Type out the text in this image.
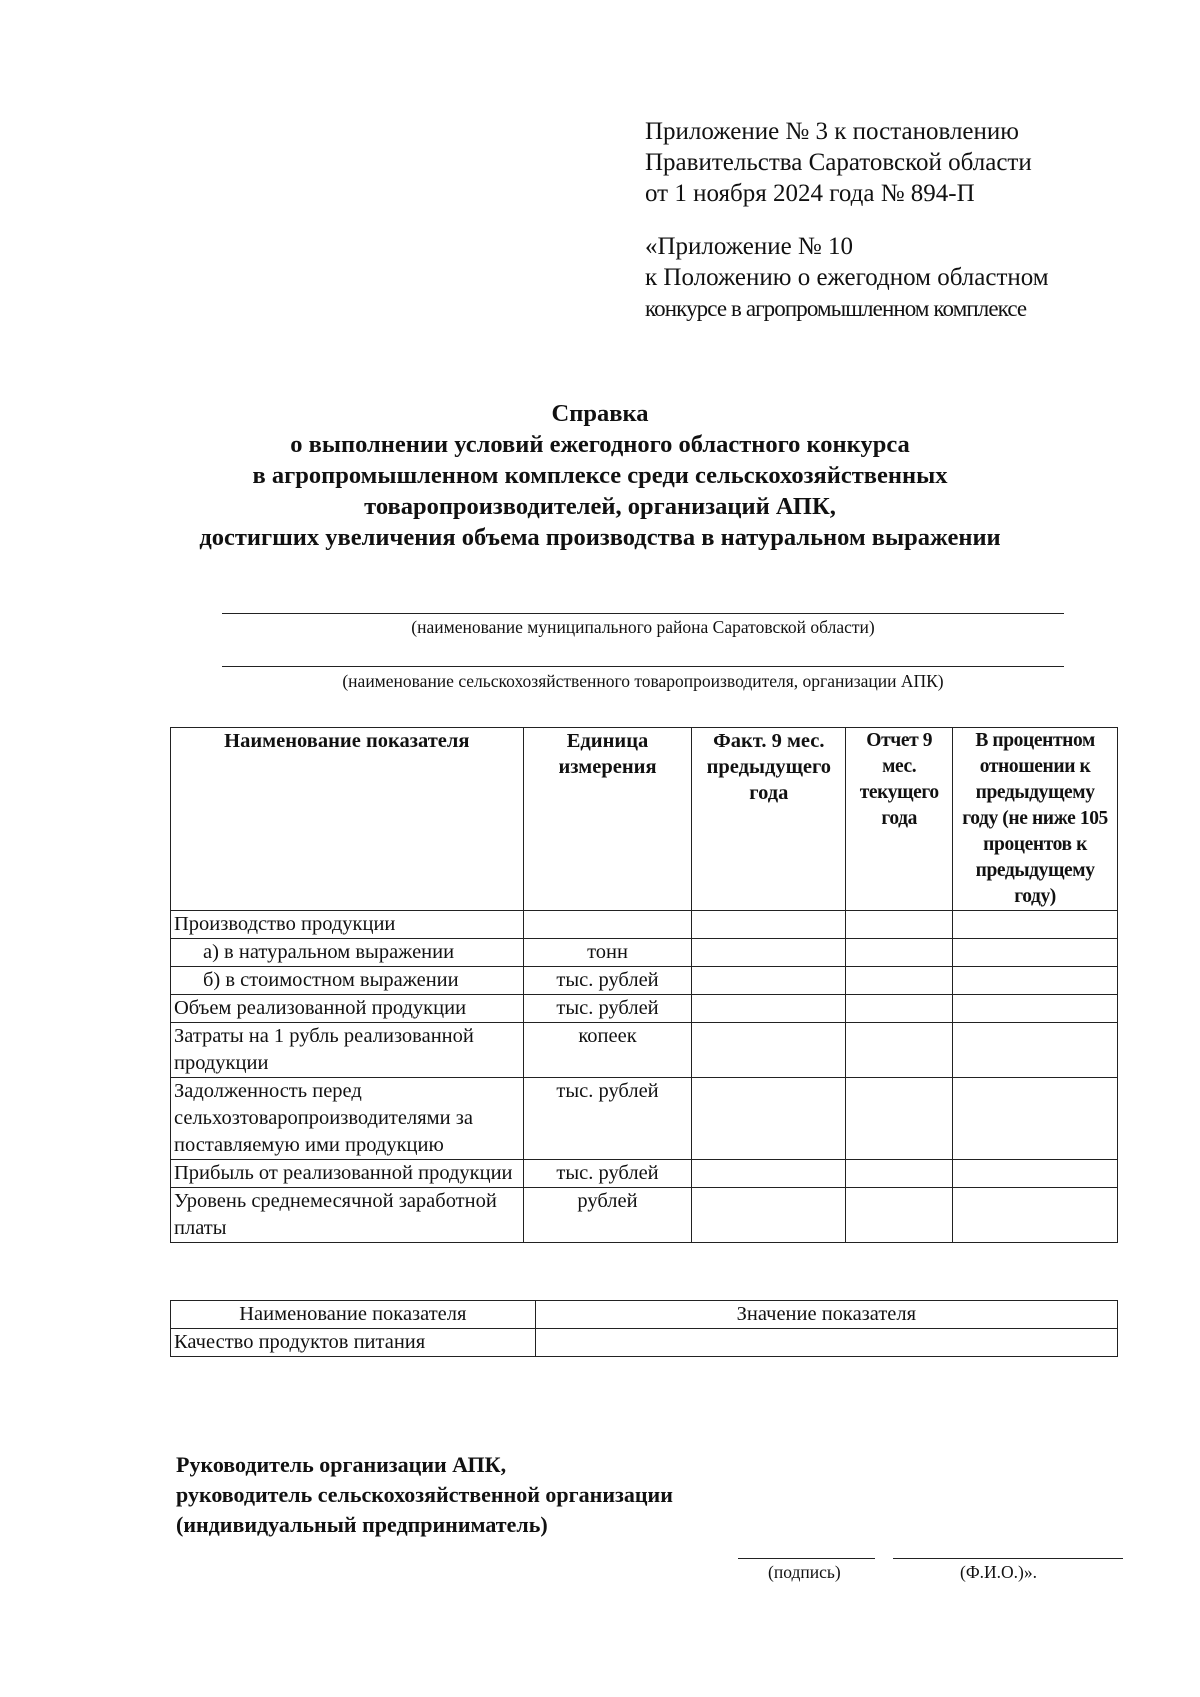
Приложение № 3 к постановлению

Правительства Саратовской области

от 1 ноября 2024 года № 894-П

«Приложение № 10

к Положению о ежегодном областном

конкурсе в агропромышленном комплексе

Справка
о выполнении условий ежегодного областного конкурса
в агропромышленном комплексе среди сельскохозяйственных
товаропроизводителей, организаций АПК,
достигших увеличения объема производства в натуральном выражении
(наименование муниципального района Саратовской области)
(наименование сельскохозяйственного товаропроизводителя, организации АПК)
Наименование показателя	Единица измерения	Факт. 9 мес. предыдущего года	Отчет 9 мес. текущего года	В процентном отношении к предыдущему году (не ниже 105 процентов к предыдущему году)
Производство продукции				
а) в натуральном выражении	тонн			
б) в стоимостном выражении	тыс. рублей			
Объем реализованной продукции	тыс. рублей			
Затраты на 1 рубль реализованной продукции	копеек			
Задолженность перед сельхозтоваропроизводителями за поставляемую ими продукцию	тыс. рублей			
Прибыль от реализованной продукции	тыс. рублей			
Уровень среднемесячной заработной платы	рублей			
Наименование показателя	Значение показателя
Качество продуктов питания	
Руководитель организации АПК,
руководитель сельскохозяйственной организации
(индивидуальный предприниматель)
(подпись)	(Ф.И.О.)».
